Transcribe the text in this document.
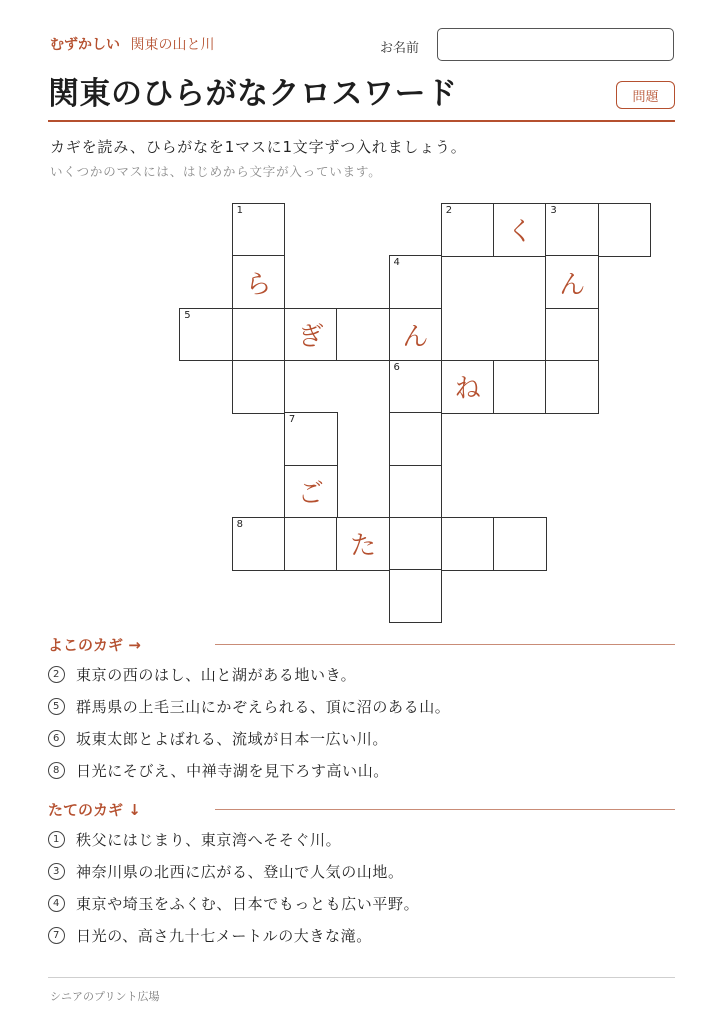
むずかしい 関東の山と川	お名前
関東のひらがなクロスワード	問題
カギを読み、ひらがなを1マスに1文字ずつ入れましょう。
いくつかのマスには、はじめから文字が入っています。
1	2
く
3
ら
4
ん
5
ぎ	ん
6
ね
7
ご
8
た
よこのカギ →
2	東京の西のはし、山と湖がある地いき。
5	群馬県の上毛三山にかぞえられる、頂に沼のある山。
6	坂東太郎とよばれる、流域が日本一広い川。
8	日光にそびえ、中禅寺湖を見下ろす高い山。
たてのカギ ↓
1	秩父にはじまり、東京湾へそそぐ川。
3	神奈川県の北西に広がる、登山で人気の山地。
4	東京や埼玉をふくむ、日本でもっとも広い平野。
7	日光の、高さ九十七メートルの大きな滝。
シニアのプリント広場
